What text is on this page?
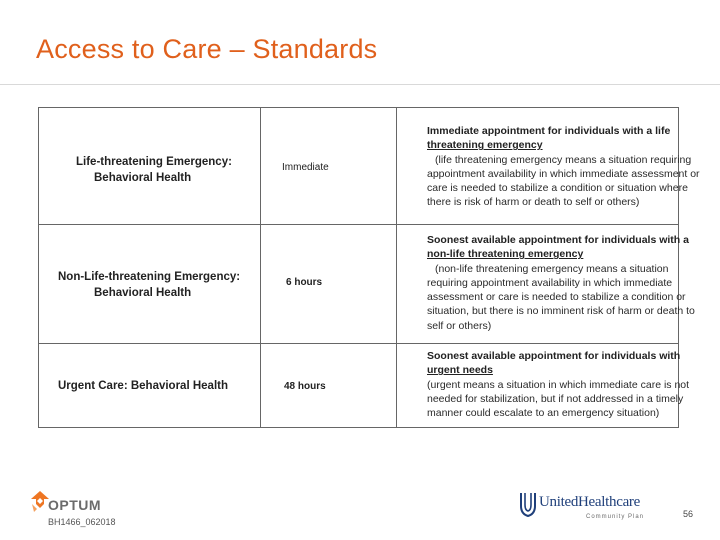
Access to Care – Standards
Life-threatening Emergency:
Behavioral Health
Immediate
Immediate appointment for individuals with a life
threatening emergency
(life threatening emergency means a situation requiring
appointment availability in which immediate assessment or
care is needed to stabilize a condition or situation where
there is risk of harm or death to self or others)
Non-Life-threatening Emergency:
Behavioral Health
6 hours
Soonest available appointment for individuals with a
non-life threatening emergency
(non-life threatening emergency means a situation
requiring appointment availability in which immediate
assessment or care is needed to stabilize a condition or
situation, but there is no imminent risk of harm or death to
self or others)
Urgent Care: Behavioral Health	48 hours
Soonest available appointment for individuals with
urgent needs
(urgent means a situation in which immediate care is not
needed for stabilization, but if not addressed in a timely
manner could escalate to an emergency situation)
OPTUM
BH1466_062018
UnitedHealthcare
Community Plan	56
